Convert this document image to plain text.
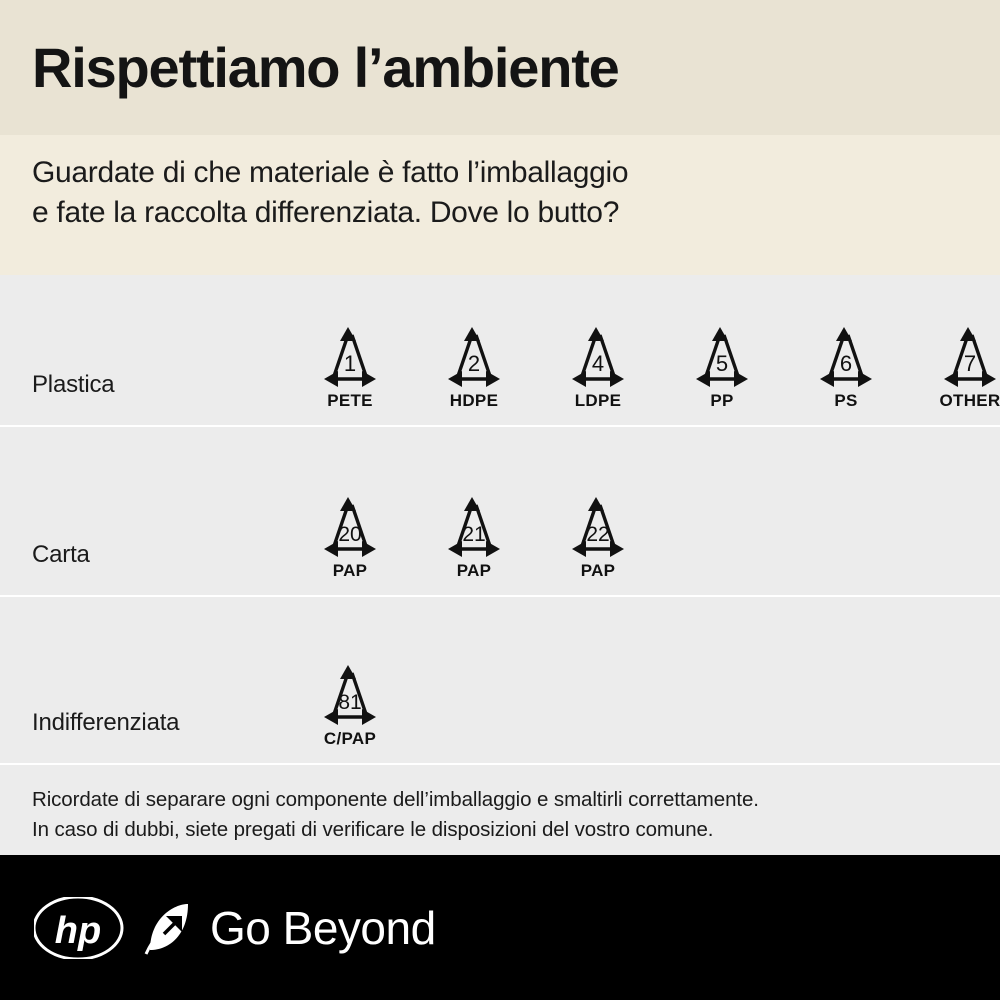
Rispettiamo l’ambiente

Guardate di che materiale è fatto l’imballaggio

e fate la raccolta differenziata. Dove lo butto?

Plastica
1
PETE
2
HDPE
4
LDPE
5
PP
6
PS
7
OTHER
Carta
20
PAP
21
PAP
22
PAP
Indifferenziata
81
C/PAP

Ricordate di separare ogni componente dell’imballaggio e smaltirli correttamente.

In caso di dubbi, siete pregati di verificare le disposizioni del vostro comune.

hp Go Beyond
